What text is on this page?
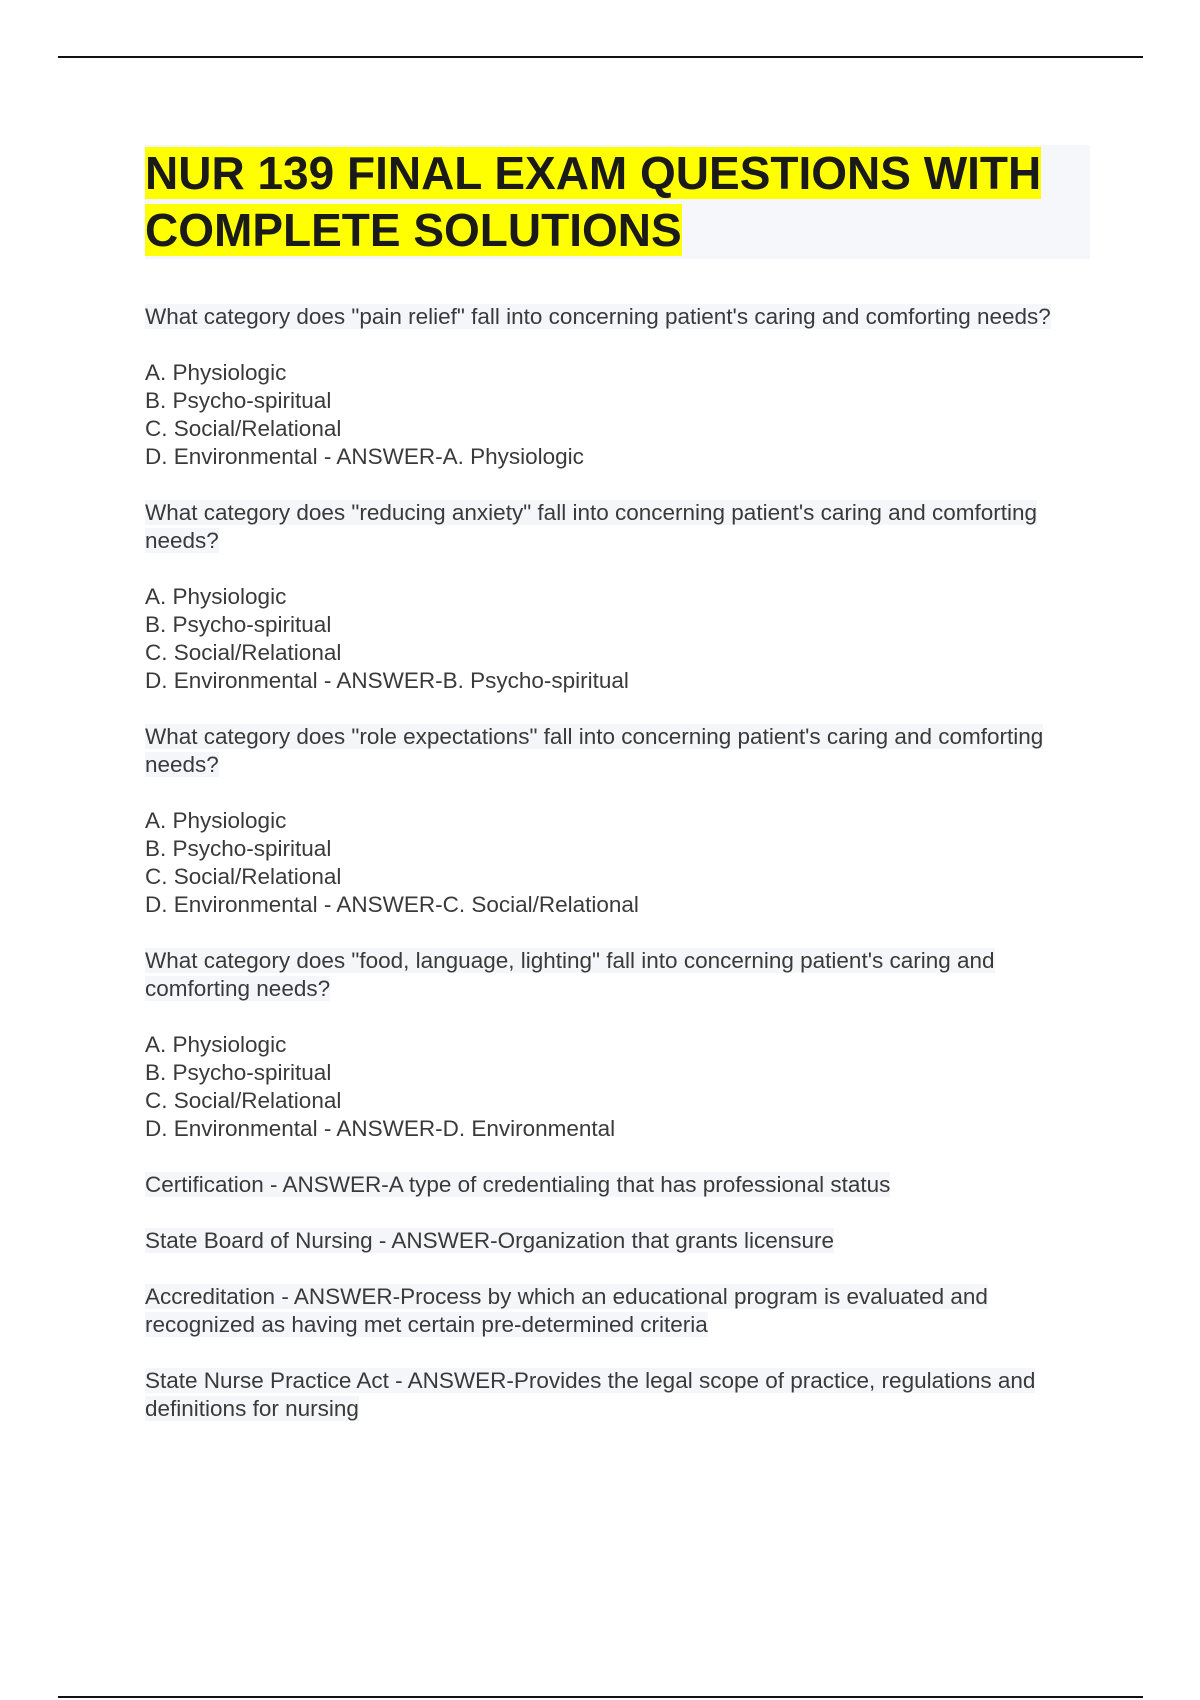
NUR 139 FINAL EXAM QUESTIONS WITH COMPLETE SOLUTIONS

What category does "pain relief" fall into concerning patient's caring and comforting needs?

A. Physiologic
B. Psycho-spiritual
C. Social/Relational
D. Environmental - ANSWER-A. Physiologic

What category does "reducing anxiety" fall into concerning patient's caring and comforting needs?

A. Physiologic
B. Psycho-spiritual
C. Social/Relational
D. Environmental - ANSWER-B. Psycho-spiritual

What category does "role expectations" fall into concerning patient's caring and comforting needs?

A. Physiologic
B. Psycho-spiritual
C. Social/Relational
D. Environmental - ANSWER-C. Social/Relational

What category does "food, language, lighting" fall into concerning patient's caring and comforting needs?

A. Physiologic
B. Psycho-spiritual
C. Social/Relational
D. Environmental - ANSWER-D. Environmental

Certification - ANSWER-A type of credentialing that has professional status

State Board of Nursing - ANSWER-Organization that grants licensure

Accreditation - ANSWER-Process by which an educational program is evaluated and recognized as having met certain pre-determined criteria

State Nurse Practice Act - ANSWER-Provides the legal scope of practice, regulations and definitions for nursing
